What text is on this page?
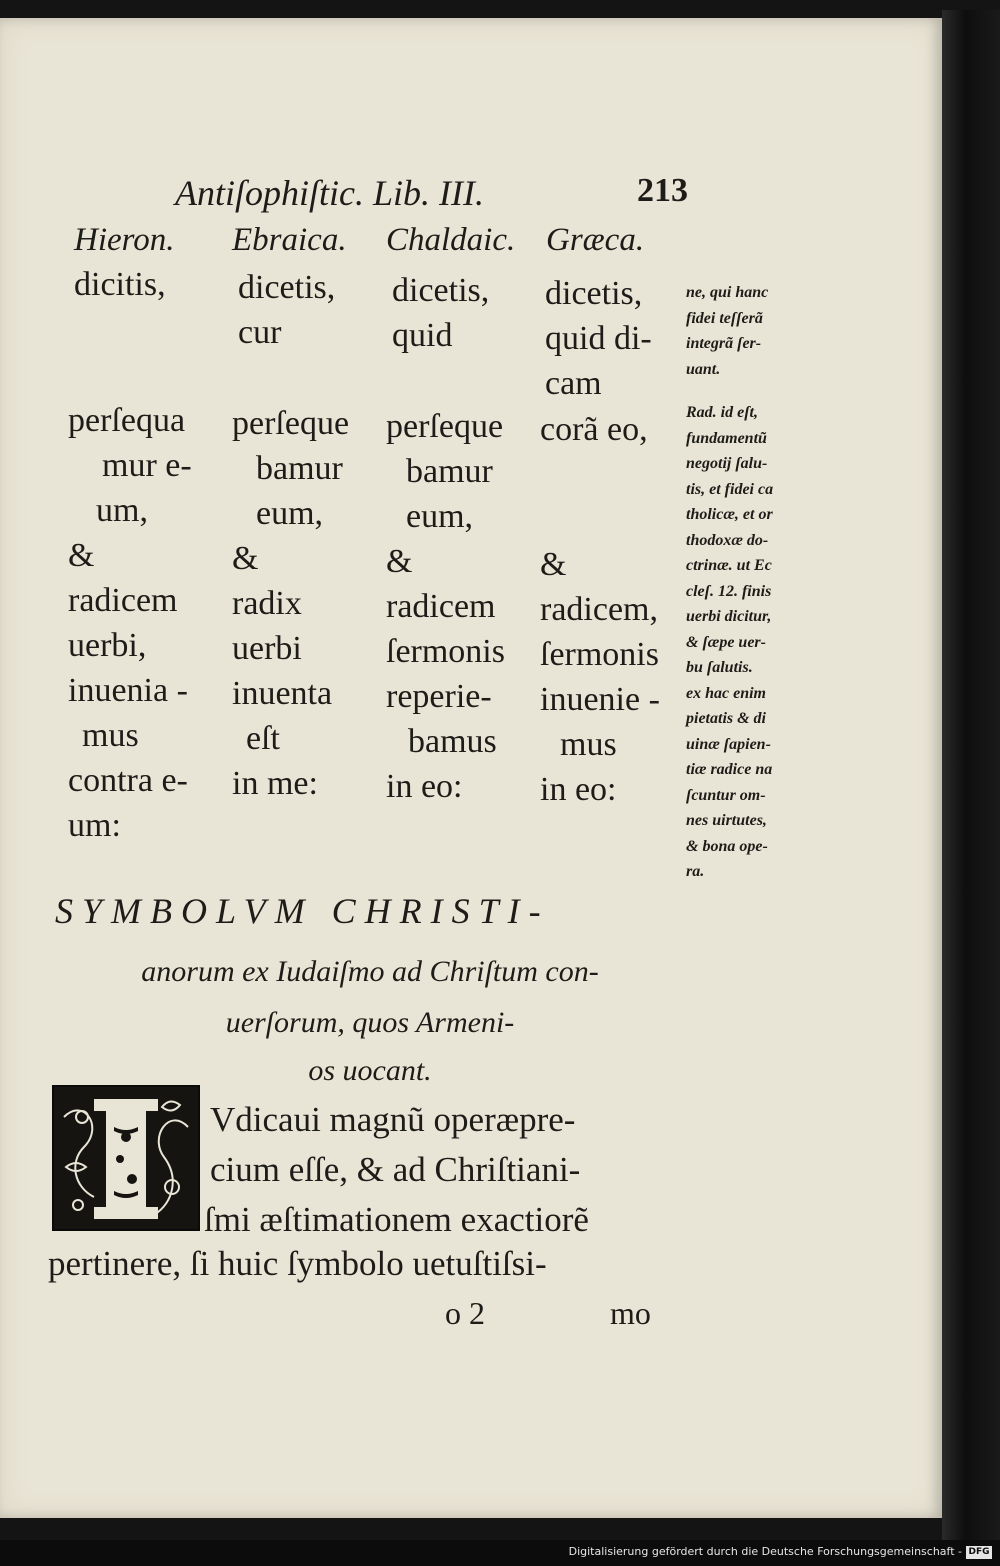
Digitalisierung gefördert durch die Deutsche Forschungsgemeinschaft - DFG
Antiſophiſtic. Lib. III.	213
Hieron. Ebraica. Chaldaic. Græca.
dicitis, dicetis,
cur
dicetis,
quid
dicetis,
quid di-
cam
perſequa
mur e-
um,
&
radicem
uerbi,
inuenia -
mus
contra e-
um:
perſeque
bamur
eum,
&
radix
uerbi
inuenta
eſt
in me:
perſeque
bamur
eum,
&
radicem
ſermonis
reperie-
bamus
in eo:
corã eo,

&
radicem,
ſermonis
inuenie -
mus
in eo:
ne, qui hanc
fidei teſſerã
integrã ſer-
uant.
Rad. id eſt,
fundamentũ
negotij ſalu-
tis, et fidei ca
tholicæ, et or
thodoxæ do-
ctrinæ. ut Ec
cleſ. 12. finis
uerbi dicitur,
& ſæpe uer-
bu ſalutis.
ex hac enim
pietatis & di
uinæ ſapien-
tiæ radice na
ſcuntur om-
nes uirtutes,
& bona ope-
ra.
SYMBOLVM CHRISTI-
anorum ex Iudaiſmo ad Chriſtum con-
uerſorum, quos Armeni-
os uocant.
Vdicaui magnũ operæpre-
cium eſſe, & ad Chriſtiani-
ſmi æſtimationem exactiorẽ
pertinere, ſi huic ſymbolo uetuſtiſsi-
o 2	mo
